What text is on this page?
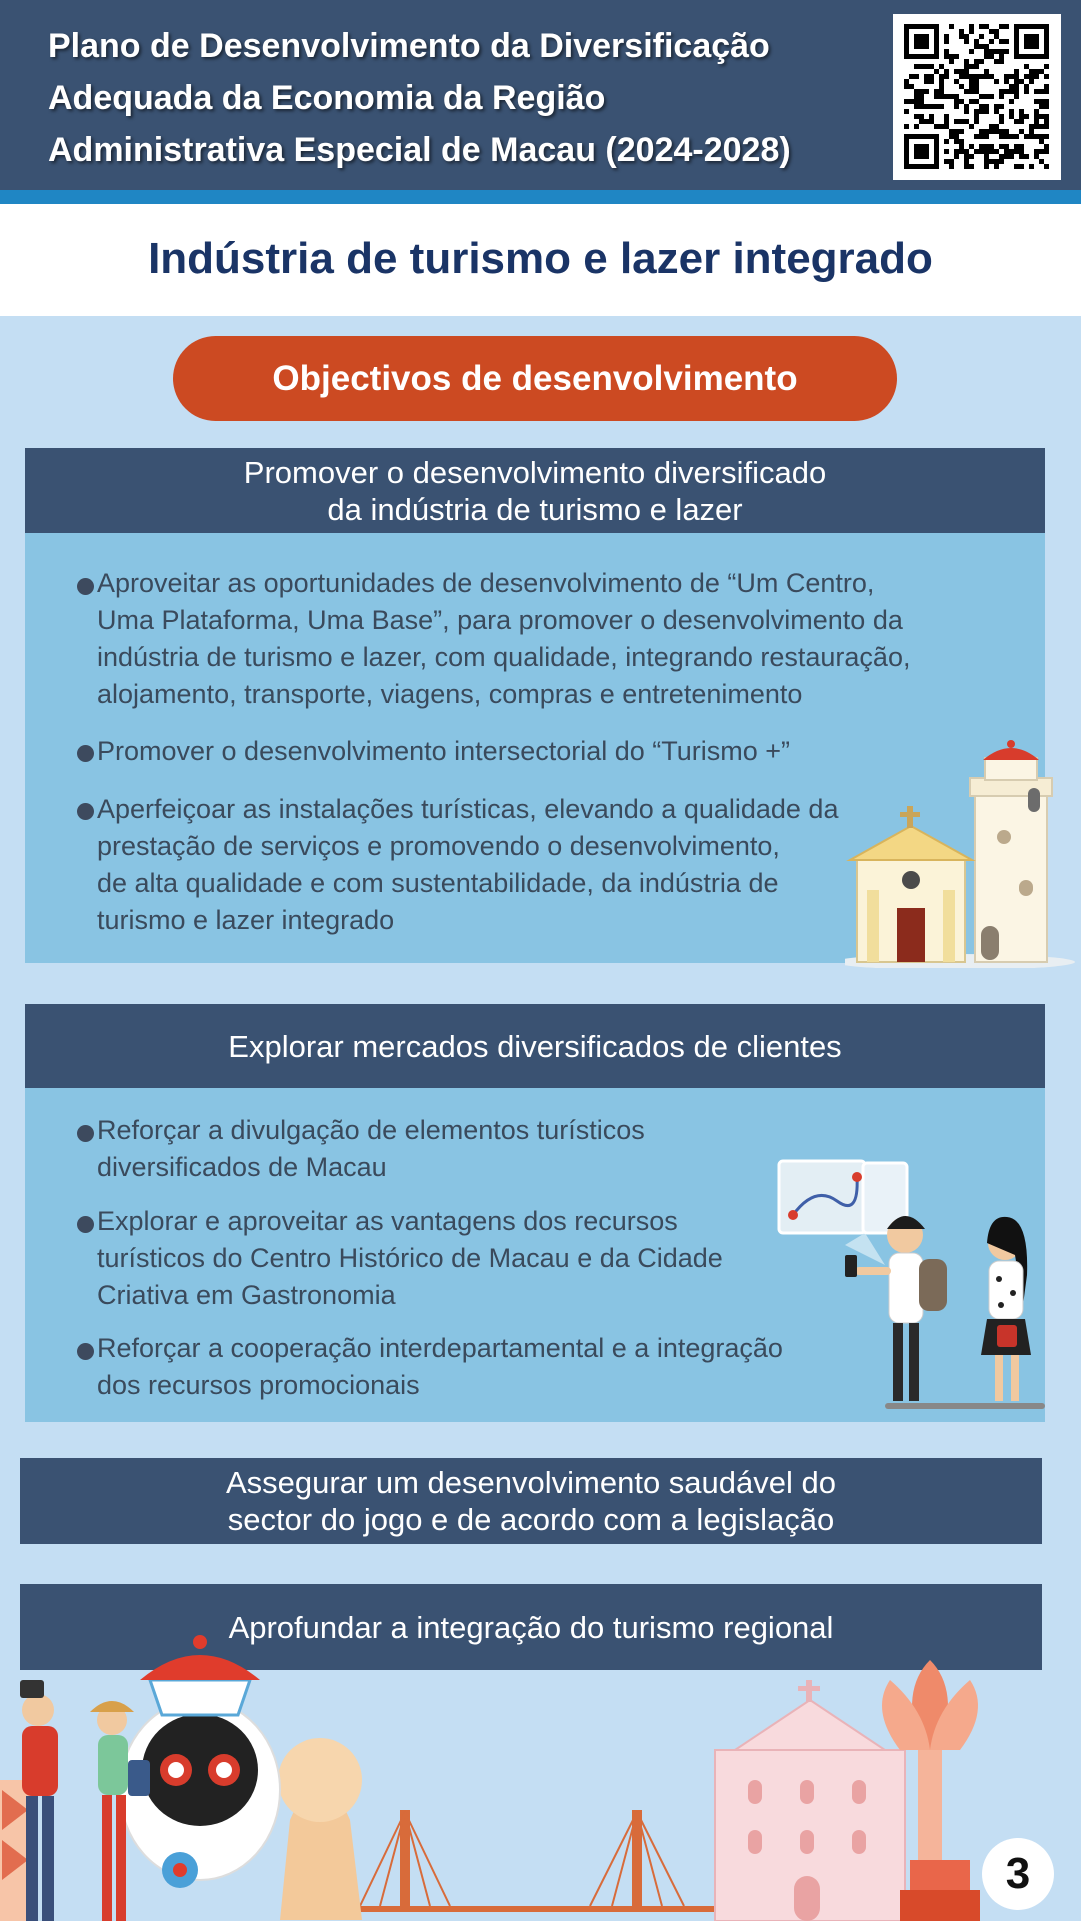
Plano de Desenvolvimento da Diversificação
Adequada da Economia da Região
Administrativa Especial de Macau (2024-2028)
Indústria de turismo e lazer integrado
Objectivos de desenvolvimento
Promover o desenvolvimento diversificado
da indústria de turismo e lazer
Aproveitar as oportunidades de desenvolvimento de “Um Centro,
Uma Plataforma, Uma Base”, para promover o desenvolvimento da
indústria de turismo e lazer, com qualidade, integrando restauração,
alojamento, transporte, viagens, compras e entretenimento
Promover o desenvolvimento intersectorial do “Turismo +”
Aperfeiçoar as instalações turísticas, elevando a qualidade da
prestação de serviços e promovendo o desenvolvimento,
de alta qualidade e com sustentabilidade, da indústria de
turismo e lazer integrado
Explorar mercados diversificados de clientes
Reforçar a divulgação de elementos turísticos
diversificados de Macau
Explorar e aproveitar as vantagens dos recursos
turísticos do Centro Histórico de Macau e da Cidade
Criativa em Gastronomia
Reforçar a cooperação interdepartamental e a integração
dos recursos promocionais
Assegurar um desenvolvimento saudável do
sector do jogo e de acordo com a legislação
Aprofundar a integração do turismo regional
3
